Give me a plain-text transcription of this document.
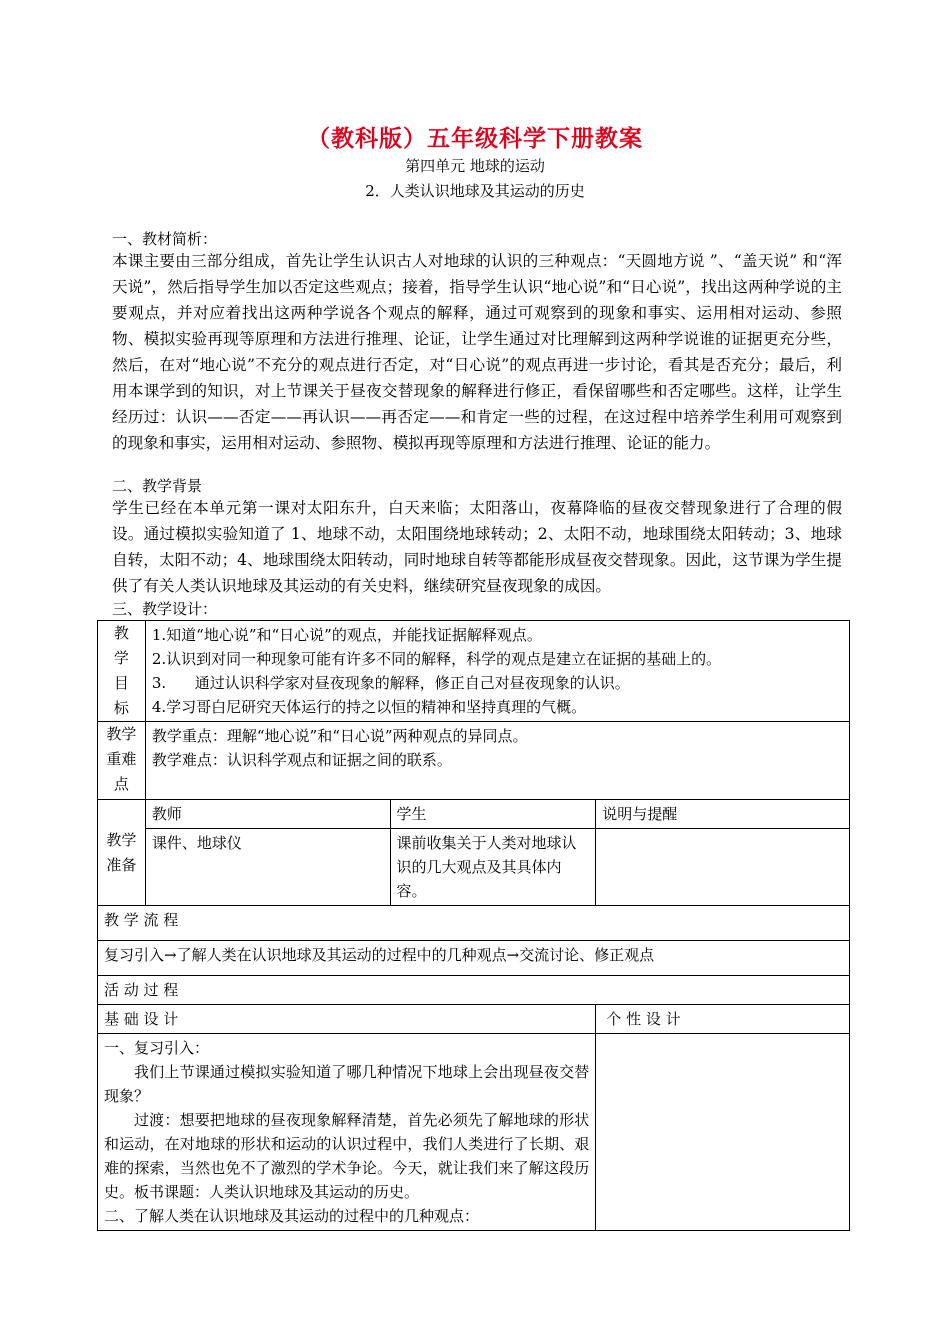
（教科版）五年级科学下册教案
第四单元 地球的运动
2．人类认识地球及其运动的历史
一、教材简析：
本课主要由三部分组成，首先让学生认识古人对地球的认识的三种观点：“天圆地方说 ”、“盖天说” 和“浑天说”，然后指导学生加以否定这些观点；接着，指导学生认识“地心说”和“日心说”，找出这两种学说的主要观点，并对应着找出这两种学说各个观点的解释，通过可观察到的现象和事实、运用相对运动、参照物、模拟实验再现等原理和方法进行推理、论证，让学生通过对比理解到这两种学说谁的证据更充分些，然后，在对“地心说”不充分的观点进行否定，对“日心说”的观点再进一步讨论，看其是否充分；最后，利用本课学到的知识，对上节课关于昼夜交替现象的解释进行修正，看保留哪些和否定哪些。这样，让学生经历过：认识——否定——再认识——再否定——和肯定一些的过程，在这过程中培养学生利用可观察到的现象和事实，运用相对运动、参照物、模拟再现等原理和方法进行推理、论证的能力。
二、教学背景
学生已经在本单元第一课对太阳东升，白天来临；太阳落山，夜幕降临的昼夜交替现象进行了合理的假设。通过模拟实验知道了 1、地球不动，太阳围绕地球转动；2、太阳不动，地球围绕太阳转动；3、地球自转，太阳不动；4、地球围绕太阳转动，同时地球自转等都能形成昼夜交替现象。因此，这节课为学生提供了有关人类认识地球及其运动的有关史料，继续研究昼夜现象的成因。
三、教学设计：
教
学
目
标	1.知道“地心说”和“日心说”的观点，并能找证据解释观点。
2.认识到对同一种现象可能有许多不同的解释，科学的观点是建立在证据的基础上的。
3.      通过认识科学家对昼夜现象的解释，修正自己对昼夜现象的认识。
4.学习哥白尼研究天体运行的持之以恒的精神和坚持真理的气概。		

教学
重难
点	教学重点：理解“地心说”和“日心说”两种观点的异同点。
教学难点：认识科学观点和证据之间的联系。		

教学
准备	教师	学生	说明与提醒
	课件、地球仪	课前收集关于人类对地球认识的几大观点及其具体内容。	
教 学 流 程			
复习引入→了解人类在认识地球及其运动的过程中的几种观点→交流讨论、修正观点			
活 动 过 程			
基 础 设 计			个 性 设 计

一、复习引入：
我们上节课通过模拟实验知道了哪几种情况下地球上会出现昼夜交替现象？
过渡：想要把地球的昼夜现象解释清楚，首先必须先了解地球的形状和运动，在对地球的形状和运动的认识过程中，我们人类进行了长期、艰难的探索，当然也免不了激烈的学术争论。今天，就让我们来了解这段历史。板书课题：人类认识地球及其运动的历史。
二、了解人类在认识地球及其运动的过程中的几种观点：			
